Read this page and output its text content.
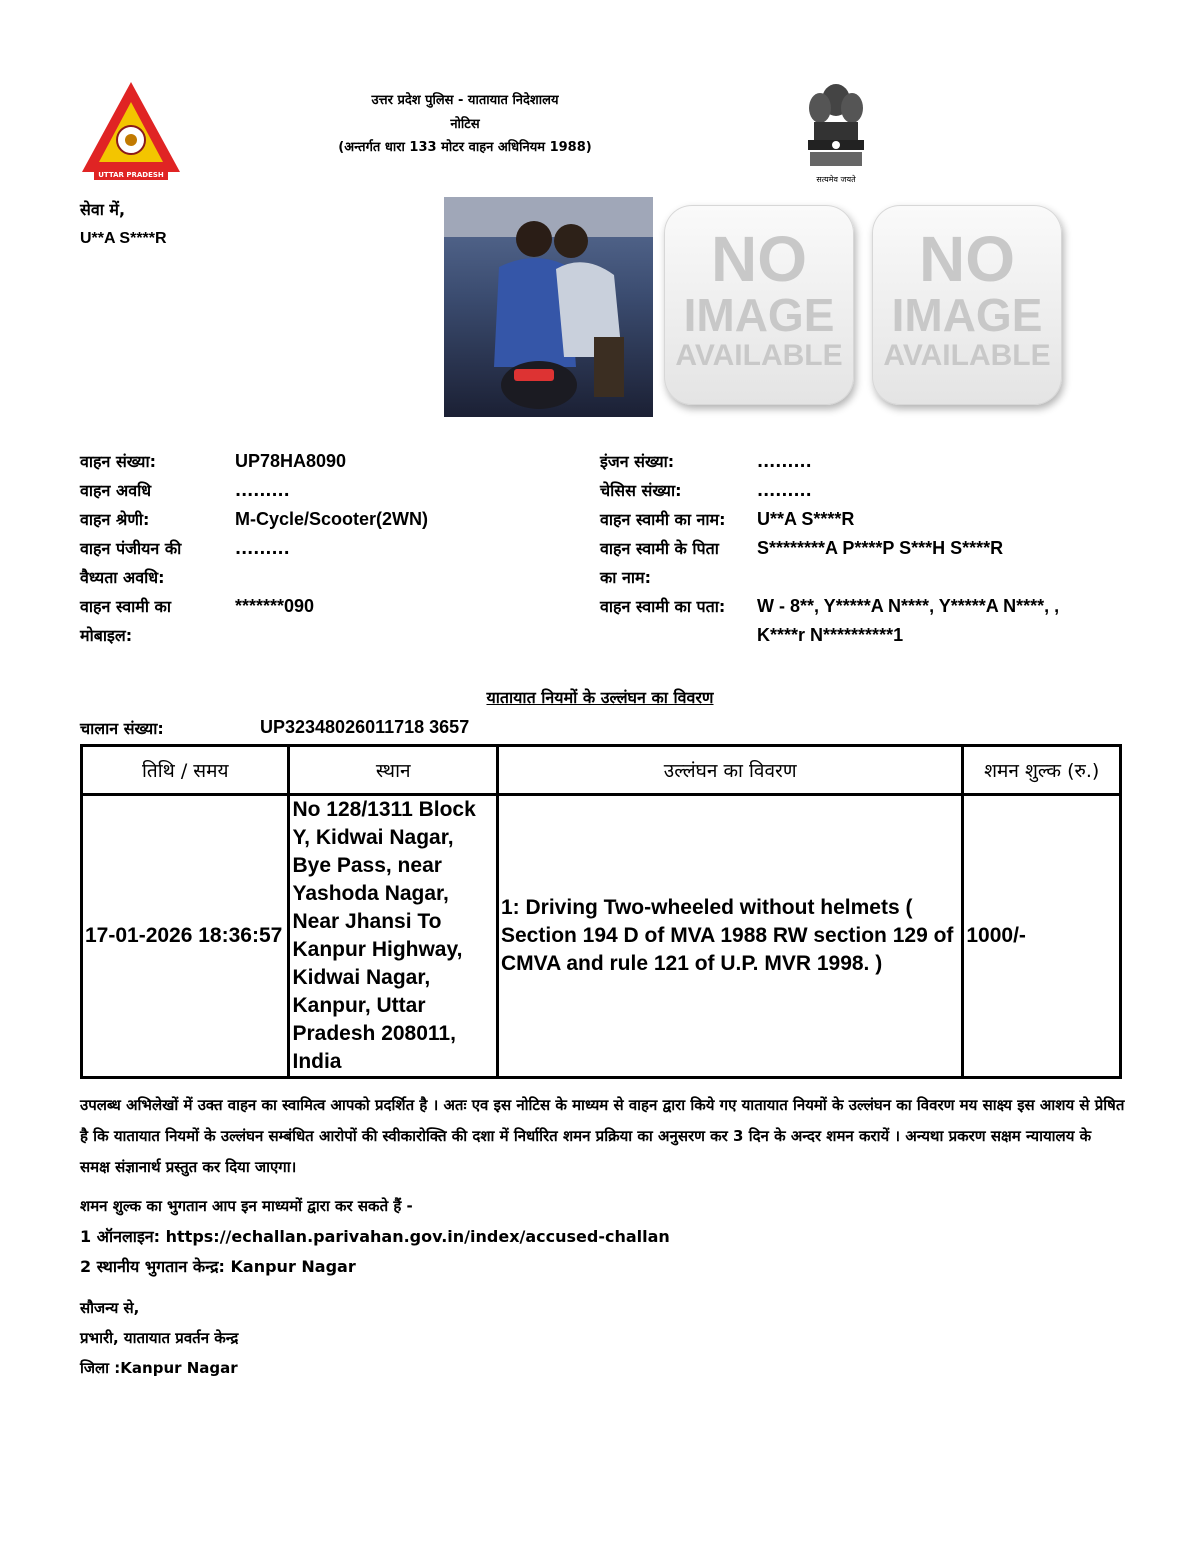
UTTAR PRADESH
उत्तर प्रदेश पुलिस - यातायात निदेशालय
नोटिस
(अन्तर्गत धारा 133 मोटर वाहन अधिनियम 1988)
सत्यमेव जयते
सेवा में,
U**A S****R	NO
IMAGE
AVAILABLE
NO
IMAGE
AVAILABLE
वाहन संख्या:	UP78HA8090
वाहन अवधि	.........
वाहन श्रेणी:	M-Cycle/Scooter(2WN)
वाहन पंजीयन की
वैध्यता अवधि:
.........
वाहन स्वामी का
मोबाइल:
*******090
इंजन संख्या:	.........
चेसिस संख्या:	.........
वाहन स्वामी का नाम: U**A S****R
वाहन स्वामी के पिता
का नाम:
S********A P****P S***H S****R
वाहन स्वामी का पता: W - 8**, Y*****A N****, Y*****A N****, ,
K****r N**********1
यातायात नियमों के उल्लंघन का विवरण
चालान संख्या:	UP32348026011718 3657
तिथि / समय	स्थान	उल्लंघन का विवरण	शमन शुल्क (रु.)
17-01-2026 18:36:57	No 128/1311 Block Y, Kidwai Nagar, Bye Pass, near Yashoda Nagar, Near Jhansi To Kanpur Highway, Kidwai Nagar, Kanpur, Uttar Pradesh 208011, India	1: Driving Two-wheeled without helmets ( Section 194 D of MVA 1988 RW section 129 of CMVA and rule 121 of U.P. MVR 1998. )	1000/-
उपलब्ध अभिलेखों में उक्त वाहन का स्वामित्व आपको प्रदर्शित है । अतः एव इस नोटिस के माध्यम से वाहन द्वारा किये गए यातायात नियमों के उल्लंघन का विवरण मय साक्ष्य इस आशय से प्रेषित है कि यातायात नियमों के उल्लंघन सम्बंधित आरोपों की स्वीकारोक्ति की दशा में निर्धारित शमन प्रक्रिया का अनुसरण कर 3 दिन के अन्दर शमन करायें । अन्यथा प्रकरण सक्षम न्यायालय के समक्ष संज्ञानार्थ प्रस्तुत कर दिया जाएगा।
शमन शुल्क का भुगतान आप इन माध्यमों द्वारा कर सकते हैं -
1 ऑनलाइन: https://echallan.parivahan.gov.in/index/accused-challan
2 स्थानीय भुगतान केन्द्र: Kanpur Nagar
सौजन्य से,
प्रभारी, यातायात प्रवर्तन केन्द्र
जिला :Kanpur Nagar
